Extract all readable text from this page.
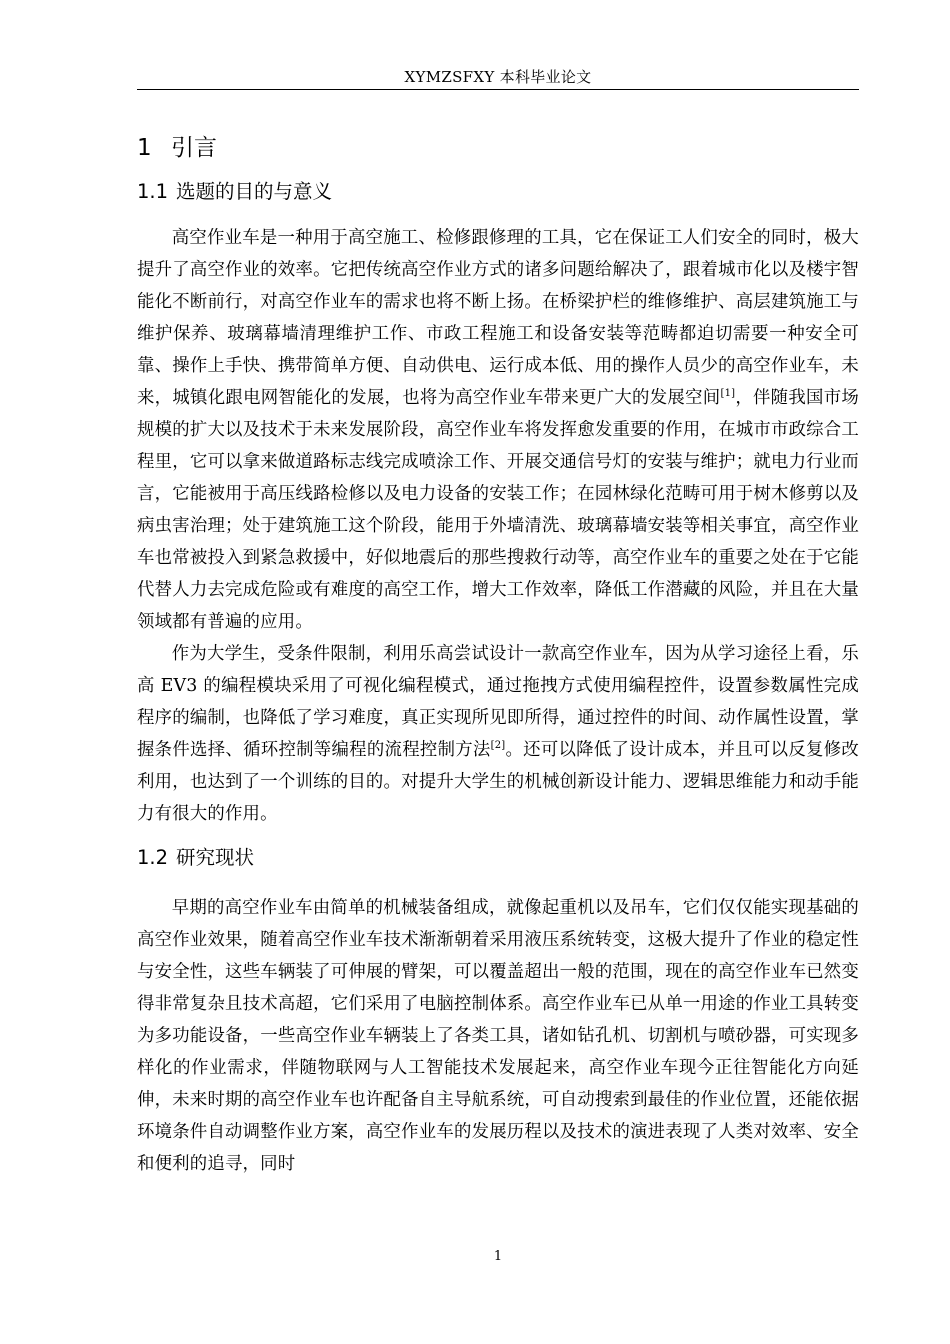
XYMZSFXY 本科毕业论文
1 引言
1.1 选题的目的与意义

高空作业车是一种用于高空施工、检修跟修理的工具，它在保证工人们安全的同时，极大提升了高空作业的效率。它把传统高空作业方式的诸多问题给解决了，跟着城市化以及楼宇智能化不断前行，对高空作业车的需求也将不断上扬。在桥梁护栏的维修维护、高层建筑施工与维护保养、玻璃幕墙清理维护工作、市政工程施工和设备安装等范畴都迫切需要一种安全可靠、操作上手快、携带简单方便、自动供电、运行成本低、用的操作人员少的高空作业车，未来，城镇化跟电网智能化的发展，也将为高空作业车带来更广大的发展空间[1]，伴随我国市场规模的扩大以及技术于未来发展阶段，高空作业车将发挥愈发重要的作用，在城市市政综合工程里，它可以拿来做道路标志线完成喷涂工作、开展交通信号灯的安装与维护；就电力行业而言，它能被用于高压线路检修以及电力设备的安装工作；在园林绿化范畴可用于树木修剪以及病虫害治理；处于建筑施工这个阶段，能用于外墙清洗、玻璃幕墙安装等相关事宜，高空作业车也常被投入到紧急救援中，好似地震后的那些搜救行动等，高空作业车的重要之处在于它能代替人力去完成危险或有难度的高空工作，增大工作效率，降低工作潜藏的风险，并且在大量领域都有普遍的应用。

作为大学生，受条件限制，利用乐高尝试设计一款高空作业车，因为从学习途径上看，乐高 EV3 的编程模块采用了可视化编程模式，通过拖拽方式使用编程控件，设置参数属性完成程序的编制，也降低了学习难度，真正实现所见即所得，通过控件的时间、动作属性设置，掌握条件选择、循环控制等编程的流程控制方法[2]。还可以降低了设计成本，并且可以反复修改利用，也达到了一个训练的目的。对提升大学生的机械创新设计能力、逻辑思维能力和动手能力有很大的作用。

1.2 研究现状

早期的高空作业车由简单的机械装备组成，就像起重机以及吊车，它们仅仅能实现基础的高空作业效果，随着高空作业车技术渐渐朝着采用液压系统转变，这极大提升了作业的稳定性与安全性，这些车辆装了可伸展的臂架，可以覆盖超出一般的范围，现在的高空作业车已然变得非常复杂且技术高超，它们采用了电脑控制体系。高空作业车已从单一用途的作业工具转变为多功能设备，一些高空作业车辆装上了各类工具，诸如钻孔机、切割机与喷砂器，可实现多样化的作业需求，伴随物联网与人工智能技术发展起来，高空作业车现今正往智能化方向延伸，未来时期的高空作业车也许配备自主导航系统，可自动搜索到最佳的作业位置，还能依据环境条件自动调整作业方案，高空作业车的发展历程以及技术的演进表现了人类对效率、安全和便利的追寻，同时

1
